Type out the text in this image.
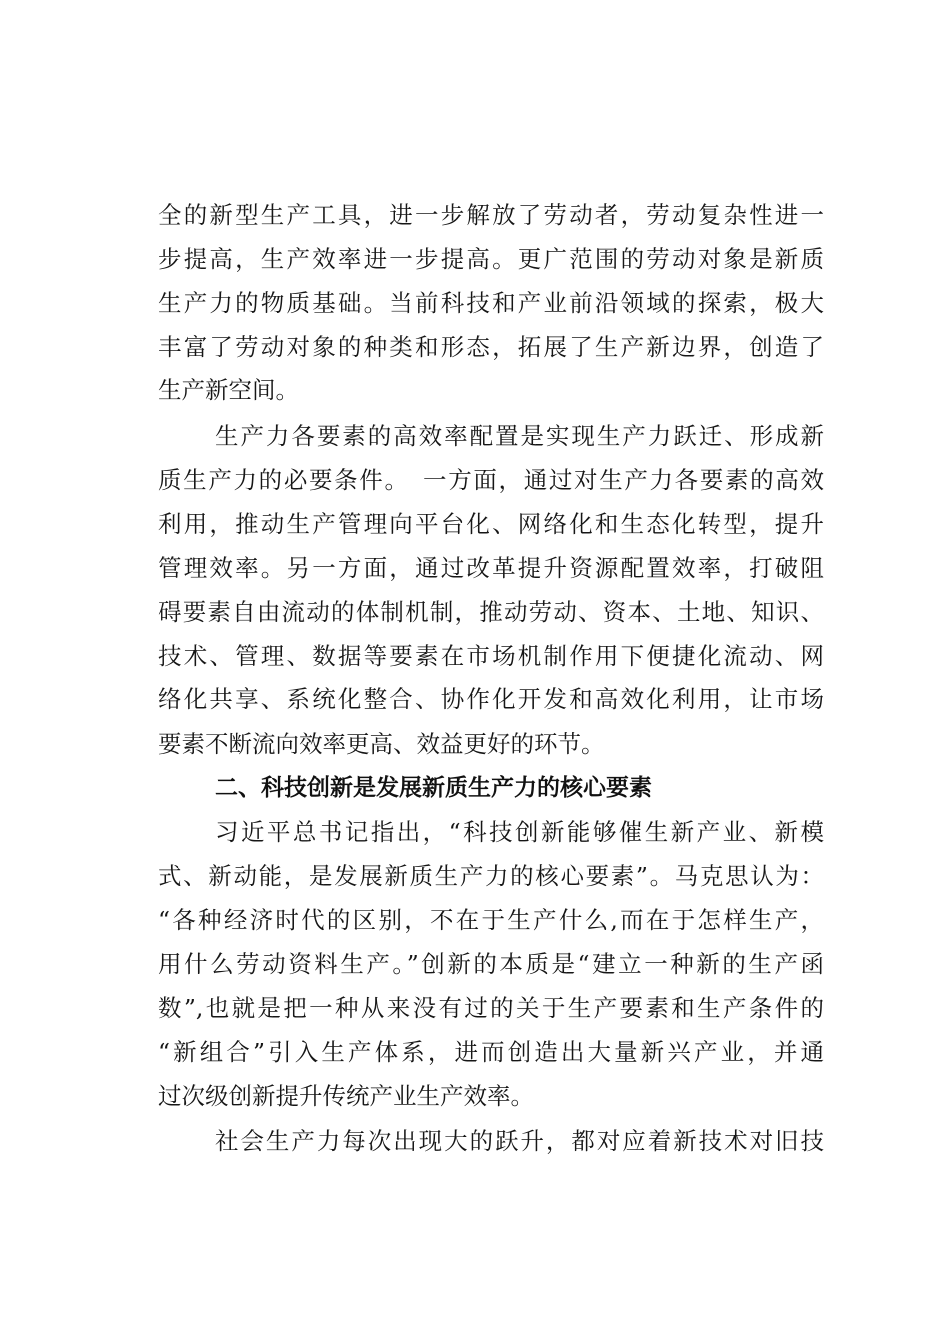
全的新型生产工具，进一步解放了劳动者，劳动复杂性进一

步提高，生产效率进一步提高。更广范围的劳动对象是新质

生产力的物质基础。当前科技和产业前沿领域的探索，极大

丰富了劳动对象的种类和形态，拓展了生产新边界，创造了

生产新空间。

生产力各要素的高效率配置是实现生产力跃迁、形成新

质生产力的必要条件。　一方面，通过对生产力各要素的高效

利用，推动生产管理向平台化、网络化和生态化转型，提升

管理效率。另一方面，通过改革提升资源配置效率，打破阻

碍要素自由流动的体制机制，推动劳动、资本、土地、知识、

技术、管理、数据等要素在市场机制作用下便捷化流动、网

络化共享、系统化整合、协作化开发和高效化利用，让市场

要素不断流向效率更高、效益更好的环节。

二、科技创新是发展新质生产力的核心要素

习近平总书记指出，“科技创新能够催生新产业、新模

式、新动能，是发展新质生产力的核心要素”。马克思认为：

“各种经济时代的区别，不在于生产什么,而在于怎样生产，

用什么劳动资料生产。”创新的本质是“建立一种新的生产函

数”,也就是把一种从来没有过的关于生产要素和生产条件的

“新组合”引入生产体系，进而创造出大量新兴产业，并通

过次级创新提升传统产业生产效率。

社会生产力每次出现大的跃升，都对应着新技术对旧技
